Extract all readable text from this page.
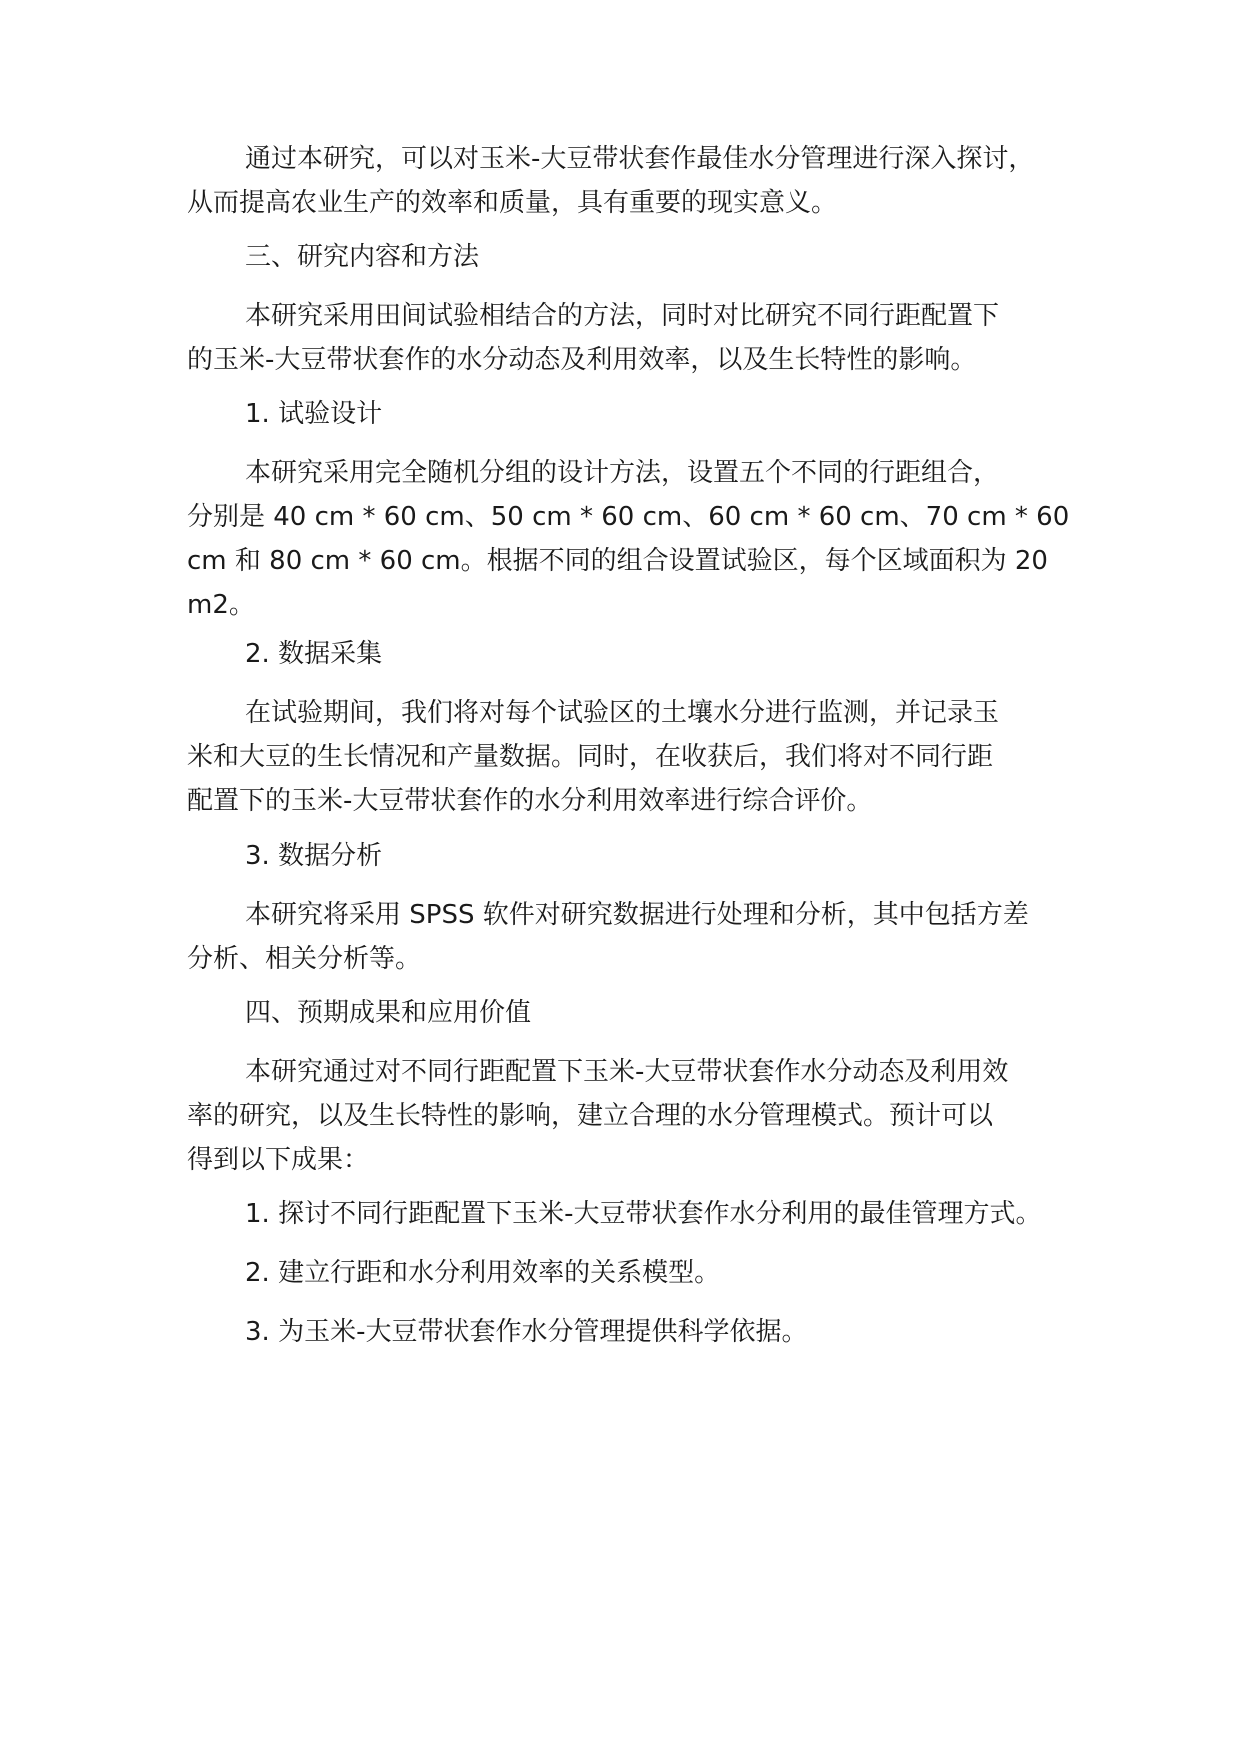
通过本研究，可以对玉米-大豆带状套作最佳水分管理进行深入探讨，
从而提高农业生产的效率和质量，具有重要的现实意义。

三、研究内容和方法

本研究采用田间试验相结合的方法，同时对比研究不同行距配置下
的玉米-大豆带状套作的水分动态及利用效率，以及生长特性的影响。

1. 试验设计

本研究采用完全随机分组的设计方法，设置五个不同的行距组合，
分别是 40 cm * 60 cm、50 cm * 60 cm、60 cm * 60 cm、70 cm * 60
cm 和 80 cm * 60 cm。根据不同的组合设置试验区，每个区域面积为 20
m2。

2. 数据采集

在试验期间，我们将对每个试验区的土壤水分进行监测，并记录玉
米和大豆的生长情况和产量数据。同时，在收获后，我们将对不同行距
配置下的玉米-大豆带状套作的水分利用效率进行综合评价。

3. 数据分析

本研究将采用 SPSS 软件对研究数据进行处理和分析，其中包括方差
分析、相关分析等。

四、预期成果和应用价值

本研究通过对不同行距配置下玉米-大豆带状套作水分动态及利用效
率的研究，以及生长特性的影响，建立合理的水分管理模式。预计可以
得到以下成果：

1. 探讨不同行距配置下玉米-大豆带状套作水分利用的最佳管理方式。

2. 建立行距和水分利用效率的关系模型。

3. 为玉米-大豆带状套作水分管理提供科学依据。
